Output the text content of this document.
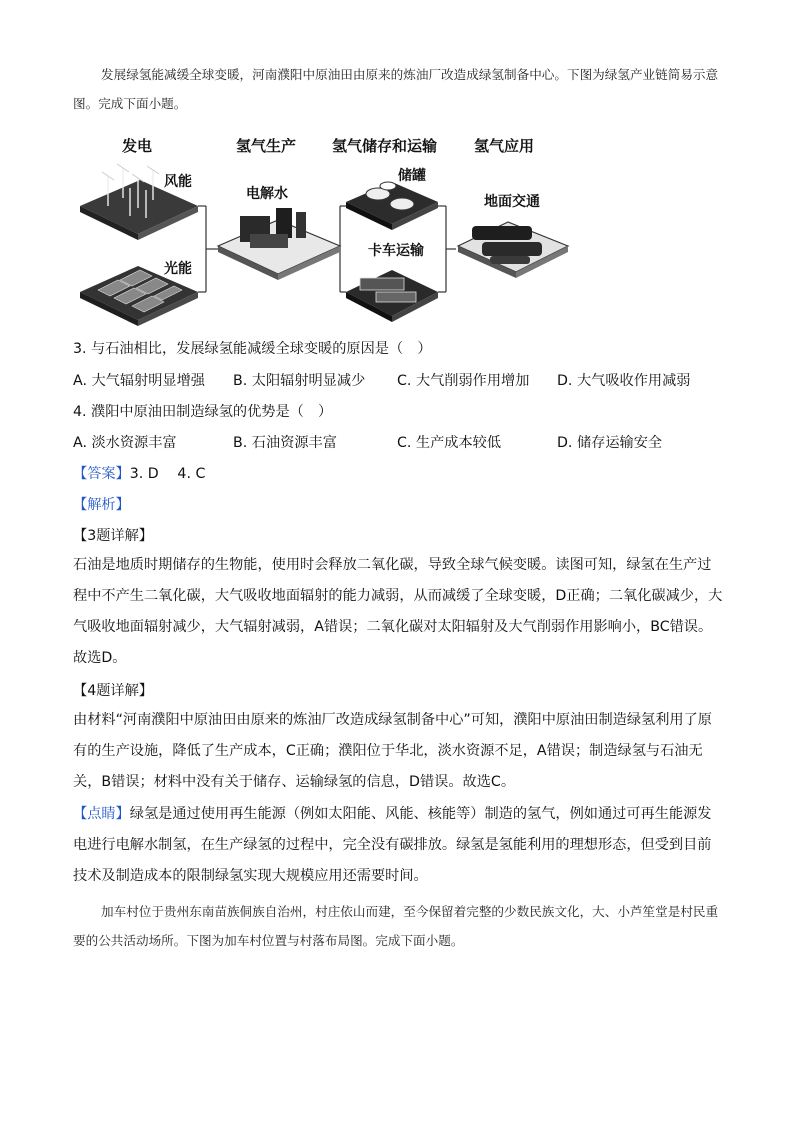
发展绿氢能减缓全球变暖，河南濮阳中原油田由原来的炼油厂改造成绿氢制备中心。下图为绿氢产业链简易示意图。完成下面小题。
发电	氢气生产 氢气储存和运输 氢气应用
风能
光能
电解水
储罐
卡车运输
地面交通
3. 与石油相比，发展绿氢能减缓全球变暖的原因是（　）
A. 大气辐射明显增强 B. 太阳辐射明显减少 C. 大气削弱作用增加 D. 大气吸收作用减弱
4. 濮阳中原油田制造绿氢的优势是（　）
A. 淡水资源丰富	B. 石油资源丰富	C. 生产成本较低	D. 储存运输安全
【答案】3. D　 4. C
【解析】
【3题详解】
石油是地质时期储存的生物能，使用时会释放二氧化碳，导致全球气候变暖。读图可知，绿氢在生产过程中不产生二氧化碳，大气吸收地面辐射的能力减弱，从而减缓了全球变暖，D正确；二氧化碳减少，大气吸收地面辐射减少，大气辐射减弱，A错误；二氧化碳对太阳辐射及大气削弱作用影响小，BC错误。故选D。
【4题详解】
由材料“河南濮阳中原油田由原来的炼油厂改造成绿氢制备中心”可知，濮阳中原油田制造绿氢利用了原有的生产设施，降低了生产成本，C正确；濮阳位于华北，淡水资源不足，A错误；制造绿氢与石油无关，B错误；材料中没有关于储存、运输绿氢的信息，D错误。故选C。
【点睛】绿氢是通过使用再生能源（例如太阳能、风能、核能等）制造的氢气，例如通过可再生能源发电进行电解水制氢，在生产绿氢的过程中，完全没有碳排放。绿氢是氢能利用的理想形态，但受到目前技术及制造成本的限制绿氢实现大规模应用还需要时间。
加车村位于贵州东南苗族侗族自治州，村庄依山而建，至今保留着完整的少数民族文化，大、小芦笙堂是村民重要的公共活动场所。下图为加车村位置与村落布局图。完成下面小题。
